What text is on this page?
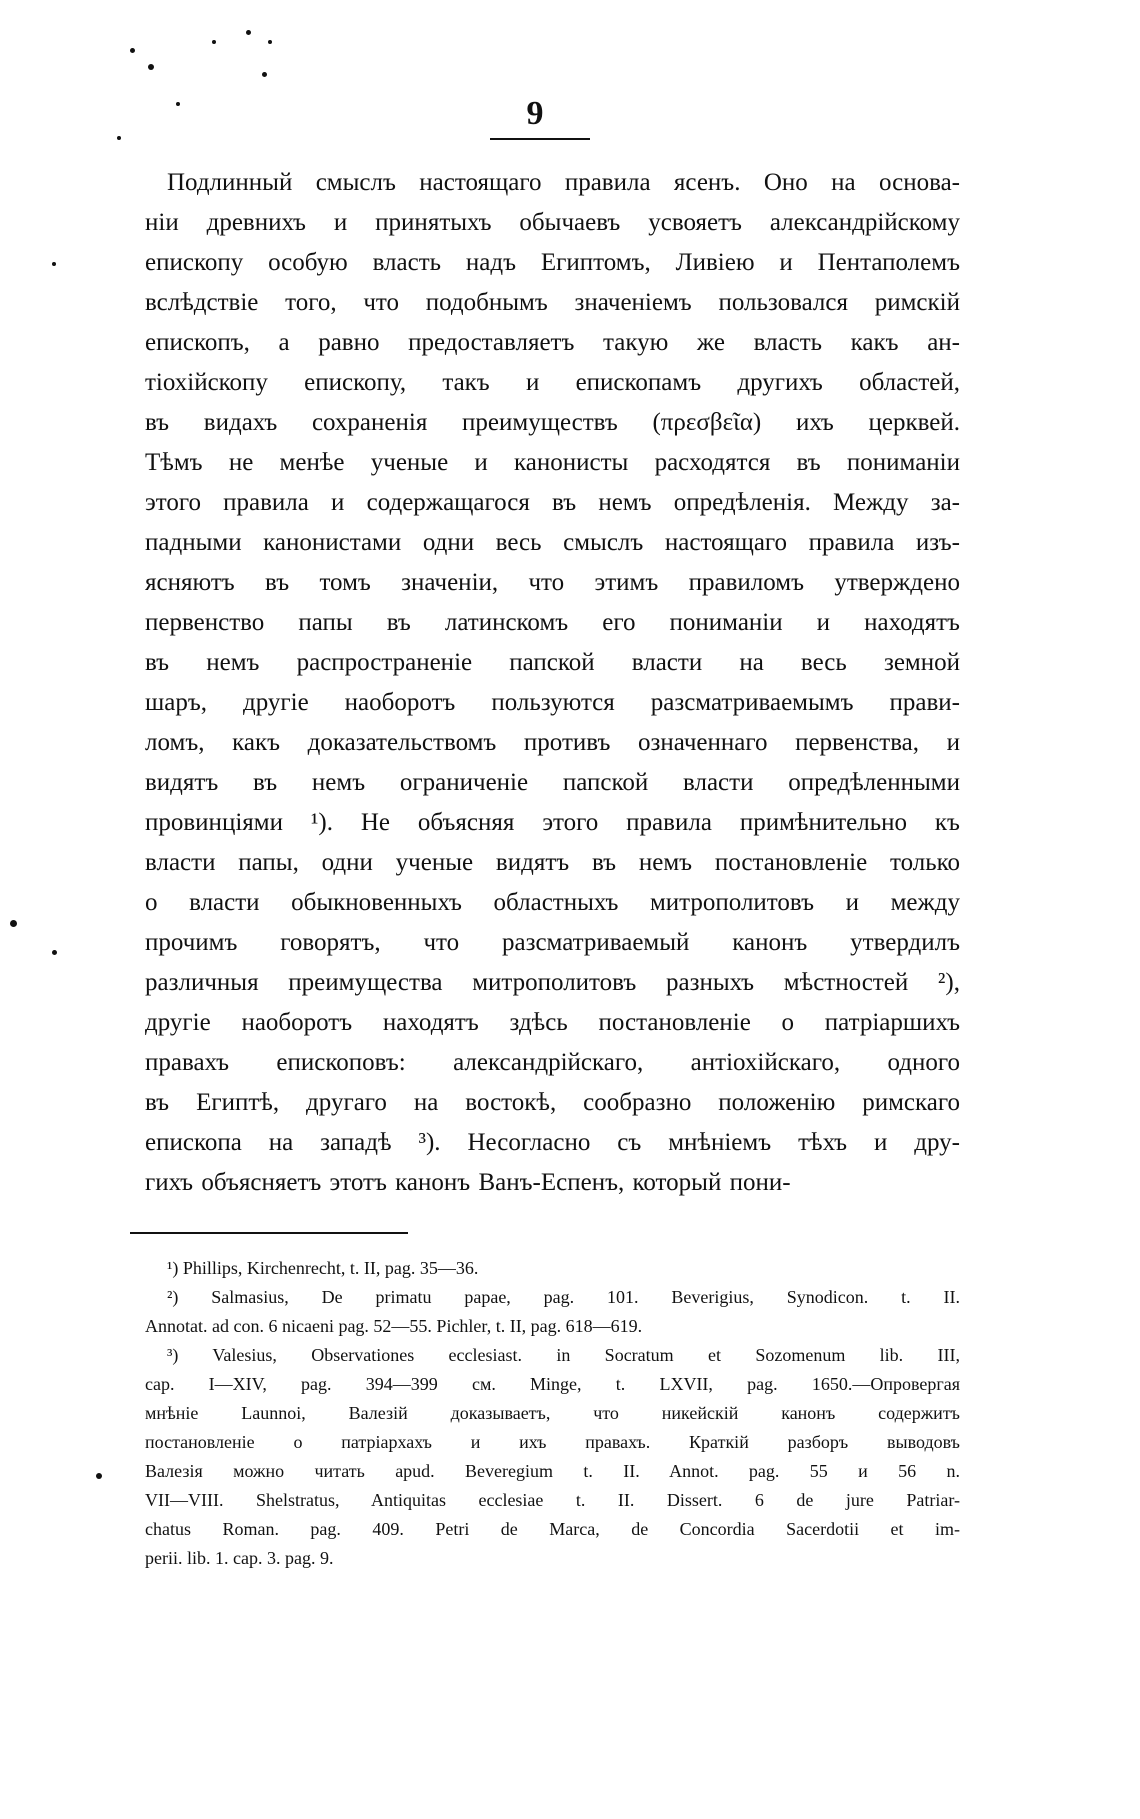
9
Подлинный смыслъ настоящаго правила ясенъ. Оно на основа-
ніи древнихъ и принятыхъ обычаевъ усвояетъ александрійскому
епископу особую власть надъ Египтомъ, Ливіею и Пентаполемъ
вслѣдствіе того, что подобнымъ значеніемъ пользовался римскій
епископъ, а равно предоставляетъ такую же власть какъ ан-
тіохійскопу епископу, такъ и епископамъ другихъ областей,
въ видахъ сохраненія преимуществъ (πρεσβεῖα) ихъ церквей.
Тѣмъ не менѣе ученые и канонисты расходятся въ пониманіи
этого правила и содержащагося въ немъ опредѣленія. Между за-
падными канонистами одни весь смыслъ настоящаго правила изъ-
ясняютъ въ томъ значеніи, что этимъ правиломъ утверждено
первенство папы въ латинскомъ его пониманіи и находятъ
въ немъ распространеніе папской власти на весь земной
шаръ, другіе наоборотъ пользуются разсматриваемымъ прави-
ломъ, какъ доказательствомъ противъ означеннаго первенства, и
видятъ въ немъ ограниченіе папской власти опредѣленными
провинціями ¹). Не объясняя этого правила примѣнительно къ
власти папы, одни ученые видятъ въ немъ постановленіе только
о власти обыкновенныхъ областныхъ митрополитовъ и между
прочимъ говорятъ, что разсматриваемый канонъ утвердилъ
различныя преимущества митрополитовъ разныхъ мѣстностей ²),
другіе наоборотъ находятъ здѣсь постановленіе о патріаршихъ
правахъ епископовъ: александрійскаго, антіохійскаго, одного
въ Египтѣ, другаго на востокѣ, сообразно положенію римскаго
епископа на западѣ ³). Несогласно съ мнѣніемъ тѣхъ и дру-
гихъ объясняетъ этотъ канонъ Ванъ-Еспенъ, который пони-
¹) Phillips, Kirchenrecht, t. II, pag. 35—36.
²) Salmasius, De primatu papae, pag. 101. Beverigius, Synodicon. t. II.
Annotat. ad con. 6 nicaeni pag. 52—55. Pichler, t. II, pag. 618—619.
³) Valesius, Observationes ecclesiast. in Socratum et Sozomenum lib. III,
cap. I—XIV, pag. 394—399 cм. Minge, t. LXVII, pag. 1650.—Опровергая
мнѣніе Launnoi, Валезій доказываетъ, что никейскій канонъ содержитъ
постановленіе о патріархахъ и ихъ правахъ. Краткій разборъ выводовъ
Валезія можно читать apud. Beveregium t. II. Annot. pag. 55 и 56 n.
VII—VIII. Shelstratus, Antiquitas ecclesiae t. II. Dissert. 6 de jure Patriar-
chatus Roman. pag. 409. Petri de Marca, de Concordia Sacerdotii et im-
perii. lib. 1. cap. 3. pag. 9.
